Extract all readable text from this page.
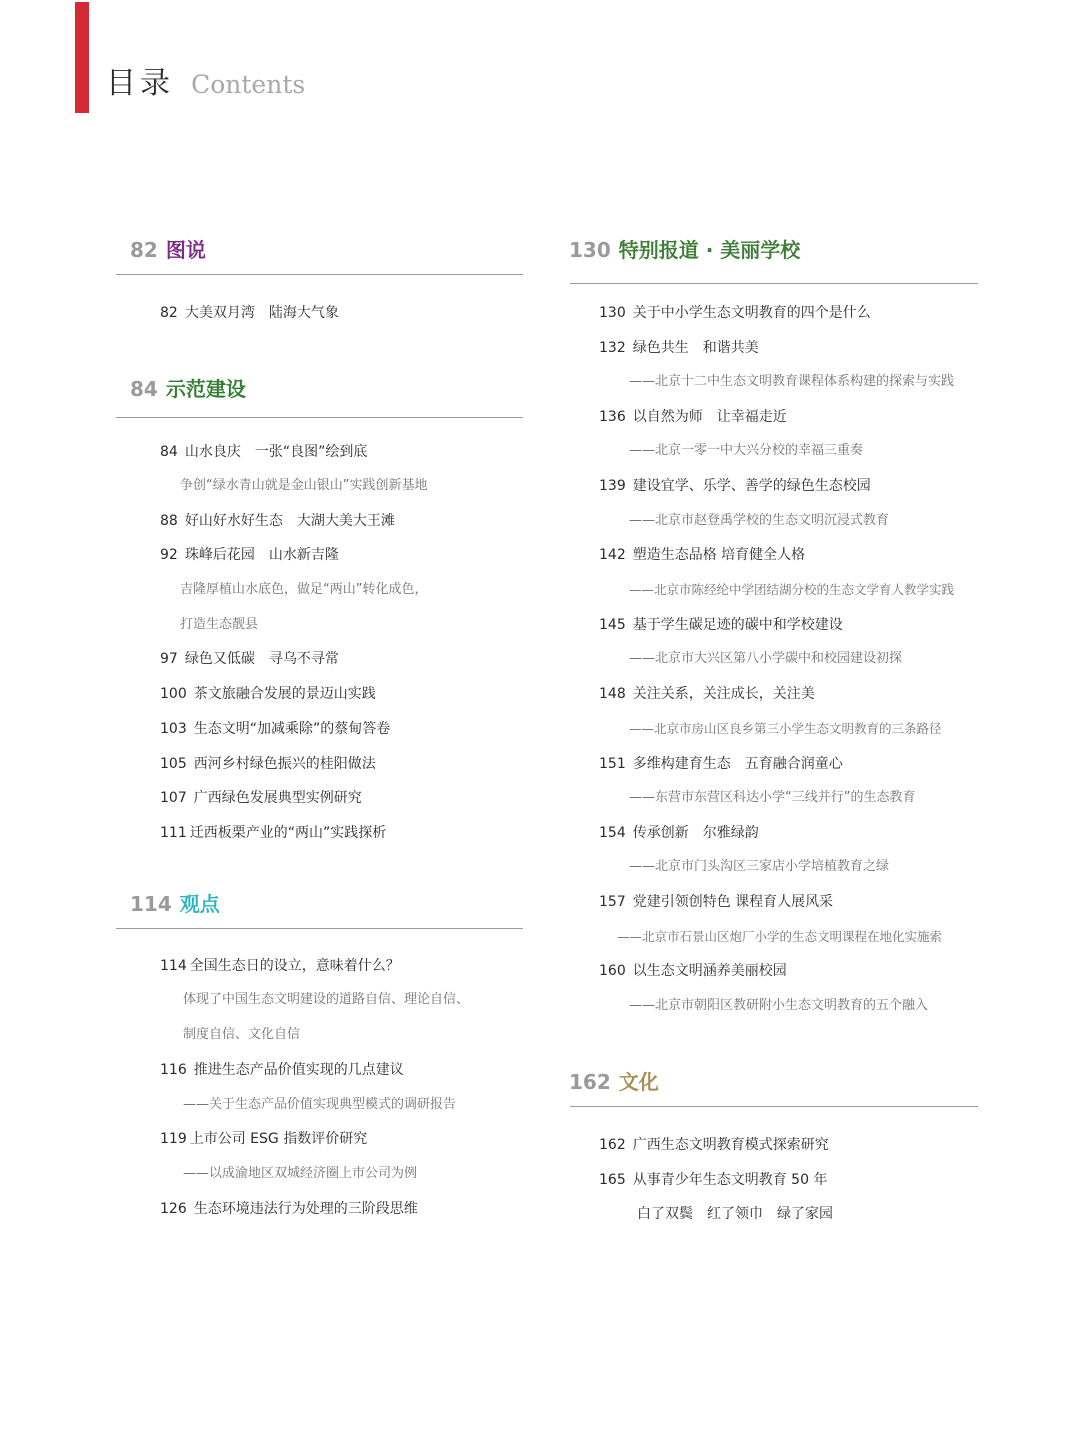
目录 Contents
82 图说
82 大美双月湾　陆海大气象
84 示范建设
84 山水良庆　一张“良图”绘到底
争创“绿水青山就是金山银山”实践创新基地
88 好山好水好生态　大湖大美大王滩
92 珠峰后花园　山水新吉隆
吉隆厚植山水底色，做足“两山”转化成色，
打造生态靓县
97 绿色又低碳　寻乌不寻常
100 茶文旅融合发展的景迈山实践
103 生态文明“加减乘除”的蔡甸答卷
105 西河乡村绿色振兴的桂阳做法
107 广西绿色发展典型实例研究
111 迁西板栗产业的“两山”实践探析
114 观点
114 全国生态日的设立，意味着什么？
体现了中国生态文明建设的道路自信、理论自信、
制度自信、文化自信
116 推进生态产品价值实现的几点建议
——关于生态产品价值实现典型模式的调研报告
119 上市公司 ESG 指数评价研究
——以成渝地区双城经济圈上市公司为例
126 生态环境违法行为处理的三阶段思维
130 特别报道 · 美丽学校
130 关于中小学生态文明教育的四个是什么
132 绿色共生　和谐共美
——北京十二中生态文明教育课程体系构建的探索与实践
136 以自然为师　让幸福走近
——北京一零一中大兴分校的幸福三重奏
139 建设宜学、乐学、善学的绿色生态校园
——北京市赵登禹学校的生态文明沉浸式教育
142 塑造生态品格 培育健全人格
——北京市陈经纶中学团结湖分校的生态文学育人教学实践
145 基于学生碳足迹的碳中和学校建设
——北京市大兴区第八小学碳中和校园建设初探
148 关注关系，关注成长，关注美
——北京市房山区良乡第三小学生态文明教育的三条路径
151 多维构建育生态　五育融合润童心
——东营市东营区科达小学“三线并行”的生态教育
154 传承创新　尔雅绿韵
——北京市门头沟区三家店小学培植教育之绿
157 党建引领创特色 课程育人展风采
——北京市石景山区炮厂小学的生态文明课程在地化实施索
160 以生态文明涵养美丽校园
——北京市朝阳区教研附小生态文明教育的五个融入
162 文化
162 广西生态文明教育模式探索研究
165 从事青少年生态文明教育 50 年
白了双鬓　红了领巾　绿了家园
